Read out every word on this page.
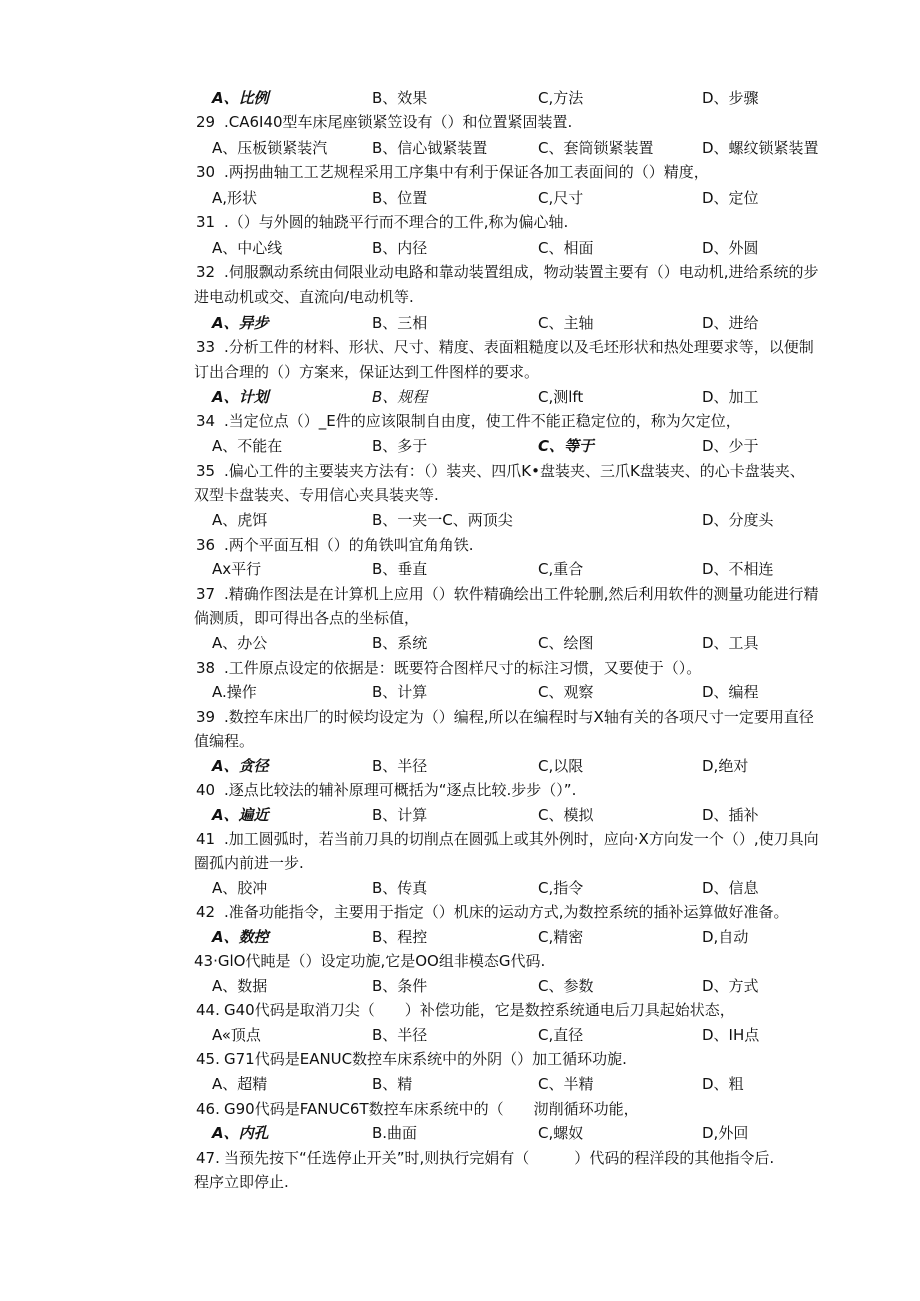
A、比例	B、效果	C,方法	D、步骤
29 .CA6I40型车床尾座锁紧笠设有（）和位置紧固装置.
A、压板锁紧装汽	B、信心钺紧装置	C、套筒锁紧装置	D、螺纹锁紧装置
30 .两拐曲轴工工艺规程采用工序集中有利于保证各加工表面间的（）精度，
A,形状	B、位置	C,尺寸	D、定位
31 .（）与外圆的轴跷平行而不理合的工件,称为偏心轴.
A、中心线	B、内径	C、相面	D、外圆
32 .伺服飘动系统由伺限业动电路和靠动装置组成，物动装置主要有（）电动机,进给系统的步
进电动机或交、直流向/电动机等.
A、异步	B、三相	C、主轴	D、进给
33 .分析工件的材料、形状、尺寸、精度、表面粗糙度以及毛坯形状和热处理要求等，以便制
订出合理的（）方案来，保证达到工件图样的要求。
A、计划	B、规程	C,测lft	D、加工
34 .当定位点（）_E件的应该限制自由度，使工件不能正稳定位的，称为欠定位，
A、不能在	B、多于	C、等于	D、少于
35 .偏心工件的主要装夹方法有：（）装夹、四爪K•盘装夹、三爪K盘装夹、的心卡盘装夹、
双型卡盘装夹、专用信心夹具装夹等.
A、虎饵	B、一夹一C、两顶尖	D、分度头
36 .两个平面互相（）的角铁叫宜角角铁.
Ax平行	B、垂直	C,重合	D、不相连
37 .精确作图法是在计算机上应用（）软件精确绘出工件轮删,然后利用软件的测量功能进行精
倘测质，即可得出各点的坐标值，
A、办公	B、系统	C、绘图	D、工具
38 .工件原点设定的依据是：既要符合图样尺寸的标注习惯，又要使于（）。
A.操作	B、计算	C、观察	D、编程
39 .数控车床出厂的时候均设定为（）编程,所以在编程时与X轴有关的各项尺寸一定要用直径
值编程。
A、贪径	B、半径	C,以限	D,绝对
40 .逐点比较法的辅补原理可概括为“逐点比较.步步（）”.
A、遍近	B、计算	C、模拟	D、插补
41 .加工圆弧时，若当前刀具的切削点在圆弧上或其外例时，应向·X方向发一个（）,使刀具向
圈孤内前进一步.
A、胶冲	B、传真	C,指令	D、信息
42 .准备功能指令，主要用于指定（）机床的运动方式,为数控系统的插补运算做好准备。
A、数控	B、程控	C,精密	D,自动
43·GlO代盹是（）设定功旎,它是OO组非模态G代码.
A、数据	B、条件	C、参数	D、方式
44. G40代码是取消刀尖（　　）补偿功能，它是数控系统通电后刀具起始状态，
A«顶点	B、半径	C,直径	D、IH点
45. G71代码是EANUC数控车床系统中的外阴（）加工循环功旎.
A、超精	B、精	C、半精	D、粗
46. G90代码是FANUC6T数控车床系统中的（　　沏削循环功能，
A、内孔	B.曲面	C,螺奴	D,外回
47. 当预先按下“任选停止开关”时,则执行完娟有（　　　）代码的程洋段的其他指令后.
程序立即停止.
